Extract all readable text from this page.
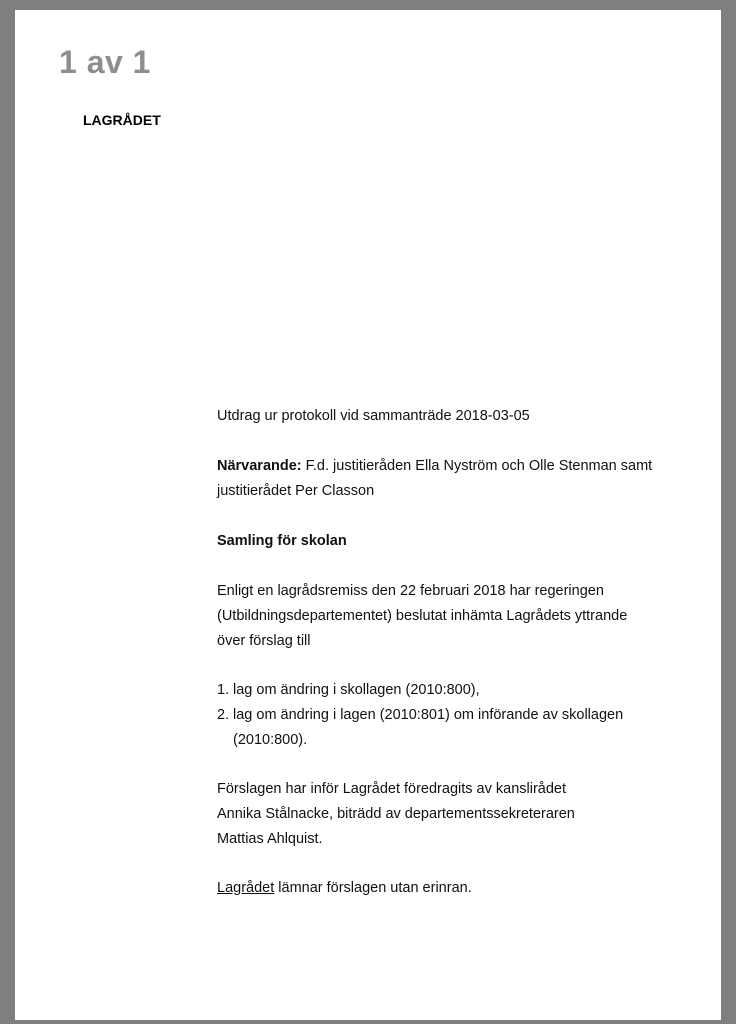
1 av 1
LAGRÅDET
Utdrag ur protokoll vid sammanträde 2018-03-05
Närvarande: F.d. justitieråden Ella Nyström och Olle Stenman samt
justitierådet Per Classon
Samling för skolan
Enligt en lagrådsremiss den 22 februari 2018 har regeringen
(Utbildningsdepartementet) beslutat inhämta Lagrådets yttrande
över förslag till
1. lag om ändring i skollagen (2010:800),
2. lag om ändring i lagen (2010:801) om införande av skollagen
(2010:800).
Förslagen har inför Lagrådet föredragits av kanslirådet
Annika Stålnacke, biträdd av departementssekreteraren
Mattias Ahlquist.
Lagrådet lämnar förslagen utan erinran.
